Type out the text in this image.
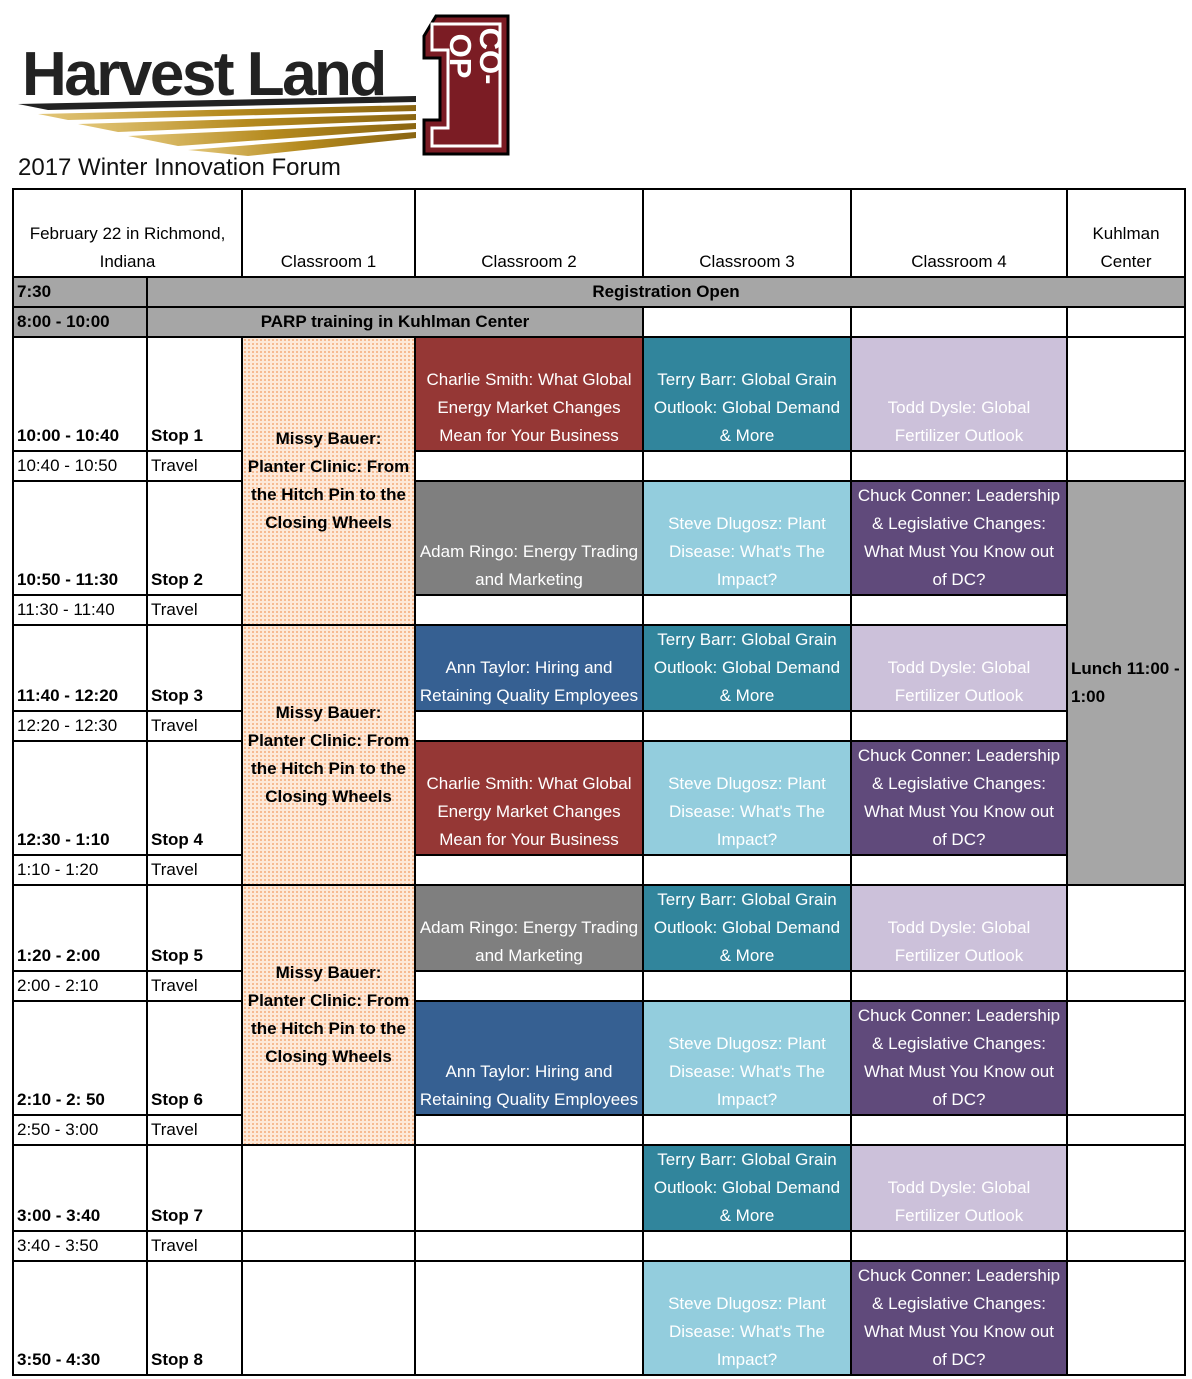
Harvest Land	CO-OP
2017 Winter Innovation Forum
February 22 in Richmond, Indiana		Classroom 1	Classroom 2	Classroom 3	Classroom 4	Kuhlman Center	
7:30	Registration Open						
8:00 - 10:00	PARP training in Kuhlman Center						
10:00 - 10:40	Stop 1	Missy Bauer: Planter Clinic: From the Hitch Pin to the Closing Wheels	Charlie Smith: What Global Energy Market Changes Mean for Your Business	Terry Barr: Global Grain Outlook: Global Demand & More	Todd Dysle: Global Fertilizer Outlook		
10:40 - 10:50	Travel						
10:50 - 11:30	Stop 2		Adam Ringo: Energy Trading and Marketing	Steve Dlugosz: Plant Disease: What's The Impact?	Chuck Conner: Leadership & Legislative Changes: What Must You Know out of DC?	Lunch 11:00 - 1:00	
11:30 - 11:40	Travel						
11:40 - 12:20	Stop 3	Missy Bauer: Planter Clinic: From the Hitch Pin to the Closing Wheels	Ann Taylor: Hiring and Retaining Quality Employees	Terry Barr: Global Grain Outlook: Global Demand & More	Todd Dysle: Global Fertilizer Outlook		
12:20 - 12:30	Travel						
12:30 - 1:10	Stop 4		Charlie Smith: What Global Energy Market Changes Mean for Your Business	Steve Dlugosz: Plant Disease: What's The Impact?	Chuck Conner: Leadership & Legislative Changes: What Must You Know out of DC?		
1:10 - 1:20	Travel						
1:20 - 2:00	Stop 5	Missy Bauer: Planter Clinic: From the Hitch Pin to the Closing Wheels	Adam Ringo: Energy Trading and Marketing	Terry Barr: Global Grain Outlook: Global Demand & More	Todd Dysle: Global Fertilizer Outlook		
2:00 - 2:10	Travel						
2:10 - 2: 50	Stop 6		Ann Taylor: Hiring and Retaining Quality Employees	Steve Dlugosz: Plant Disease: What's The Impact?	Chuck Conner: Leadership & Legislative Changes: What Must You Know out of DC?		
2:50 - 3:00	Travel						
3:00 - 3:40	Stop 7			Terry Barr: Global Grain Outlook: Global Demand & More	Todd Dysle: Global Fertilizer Outlook		
3:40 - 3:50	Travel						
3:50 - 4:30	Stop 8			Steve Dlugosz: Plant Disease: What's The Impact?	Chuck Conner: Leadership & Legislative Changes: What Must You Know out of DC?		
